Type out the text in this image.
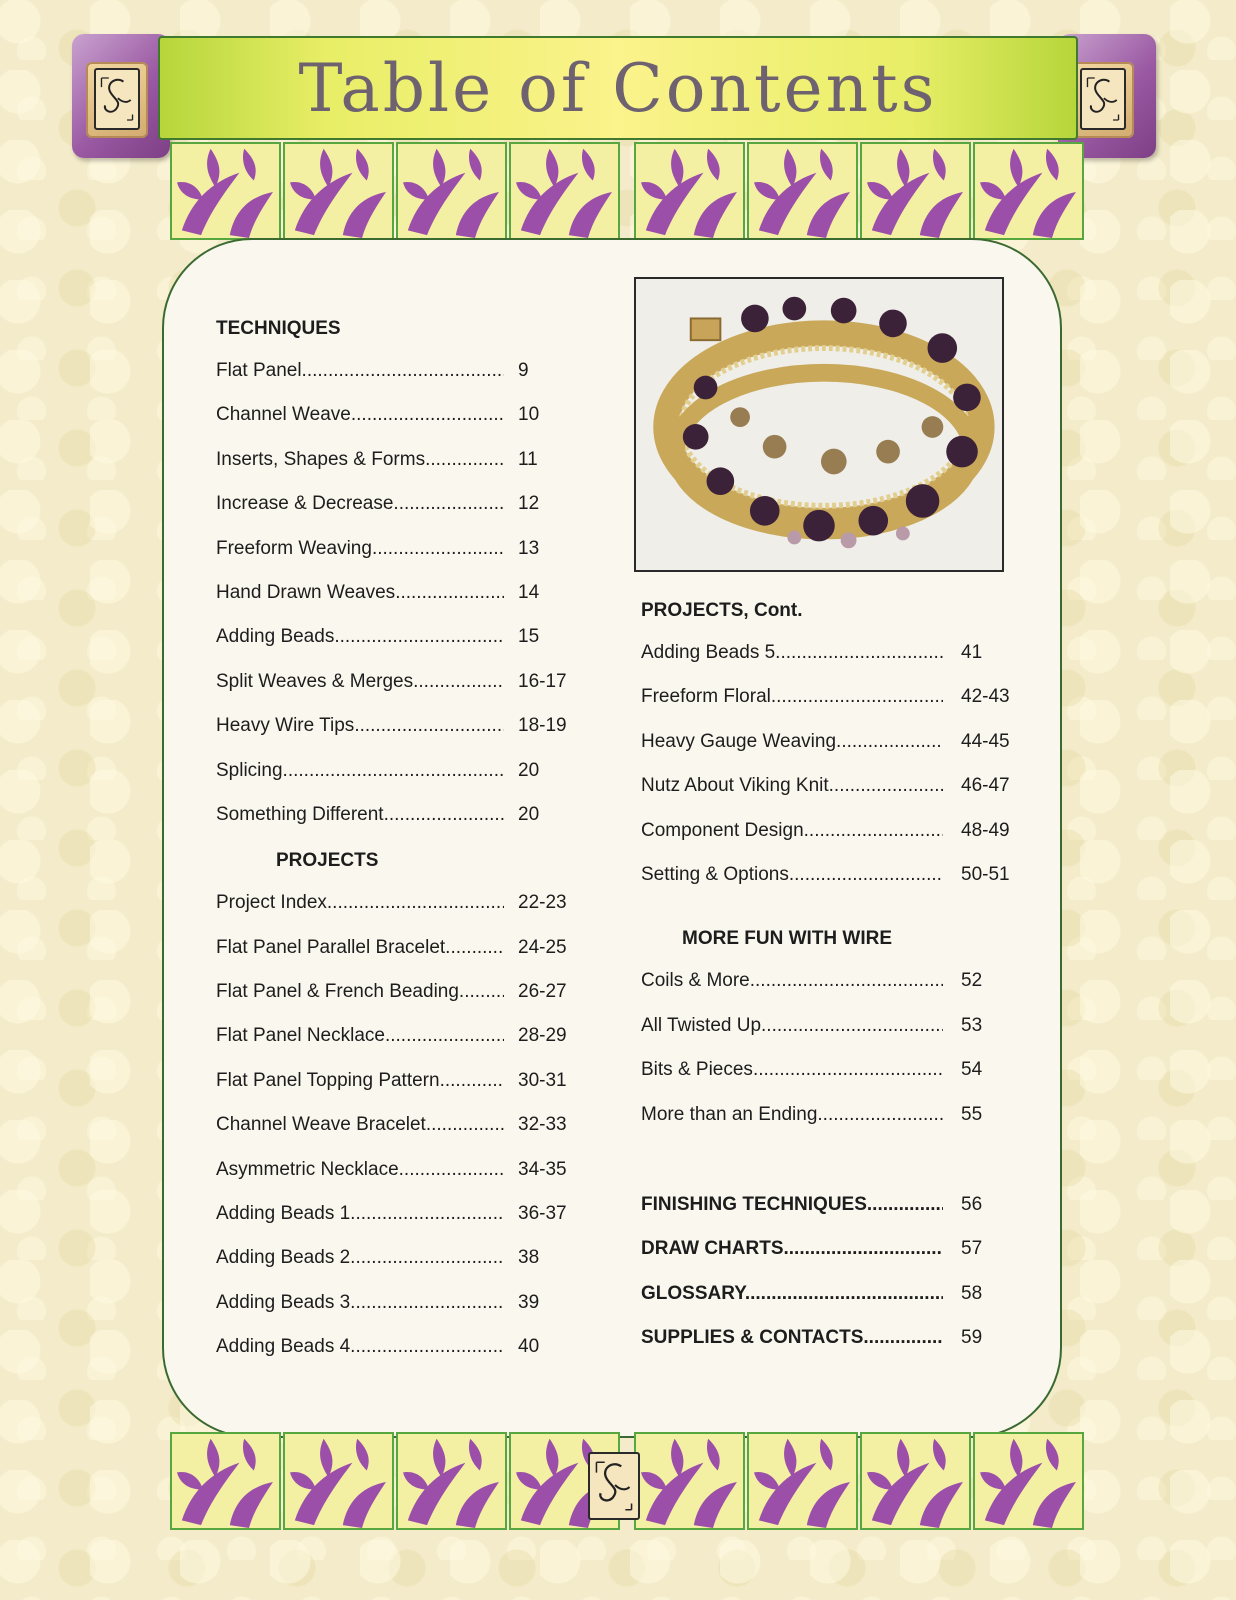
Table of Contents
TECHNIQUES
Flat Panel .....	9
Channel Weave .....	10
Inserts, Shapes & Forms .....	11
Increase & Decrease .....	12
Freeform Weaving .....	13
Hand Drawn Weaves .....	14
Adding Beads .....	15
Split Weaves & Merges .....	16-17
Heavy Wire Tips .....	18-19
Splicing .....	20
Something Different .....	20
PROJECTS
Project Index .....	22-23
Flat Panel Parallel Bracelet .....	24-25
Flat Panel & French Beading .....	26-27
Flat Panel Necklace .....	28-29
Flat Panel Topping Pattern .....	30-31
Channel Weave Bracelet .....	32-33
Asymmetric Necklace .....	34-35
Adding Beads 1 .....	36-37
Adding Beads 2 .....	38
Adding Beads 3 .....	39
Adding Beads 4 .....	40
PROJECTS, Cont.
Adding Beads 5 .....	41
Freeform Floral .....	42-43
Heavy Gauge Weaving .....	44-45
Nutz About Viking Knit .....	46-47
Component Design .....	48-49
Setting & Options .....	50-51
MORE FUN WITH WIRE
Coils & More .....	52
All Twisted Up .....	53
Bits & Pieces .....	54
More than an Ending .....	55
FINISHING TECHNIQUES .....	56
DRAW CHARTS .....	57
GLOSSARY .....	58
SUPPLIES & CONTACTS .....	59
